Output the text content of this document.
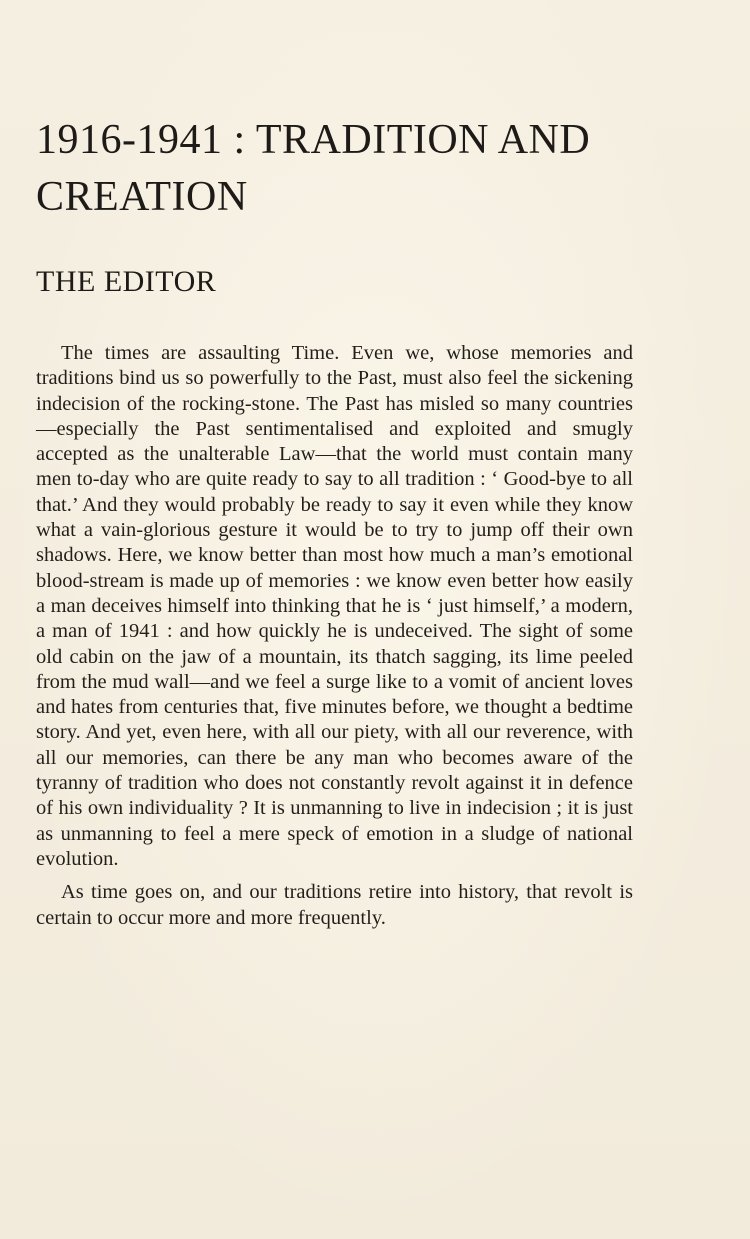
1916-1941 : TRADITION AND CREATION
THE EDITOR

The times are assaulting Time. Even we, whose memories and traditions bind us so powerfully to the Past, must also feel the sickening indecision of the rocking-stone. The Past has misled so many countries—especially the Past sentimentalised and exploited and smugly accepted as the unalterable Law—that the world must contain many men to-day who are quite ready to say to all tradition : ‘ Good-bye to all that.’ And they would probably be ready to say it even while they know what a vain-glorious gesture it would be to try to jump off their own shadows. Here, we know better than most how much a man’s emotional blood-stream is made up of memories : we know even better how easily a man deceives himself into thinking that he is ‘ just himself,’ a modern, a man of 1941 : and how quickly he is undeceived. The sight of some old cabin on the jaw of a mountain, its thatch sagging, its lime peeled from the mud wall—and we feel a surge like to a vomit of ancient loves and hates from centuries that, five minutes before, we thought a bedtime story. And yet, even here, with all our piety, with all our reverence, with all our memories, can there be any man who becomes aware of the tyranny of tradition who does not constantly revolt against it in defence of his own individuality ? It is unmanning to live in indecision ; it is just as unmanning to feel a mere speck of emotion in a sludge of national evolution.

As time goes on, and our traditions retire into history, that revolt is certain to occur more and more frequently.
